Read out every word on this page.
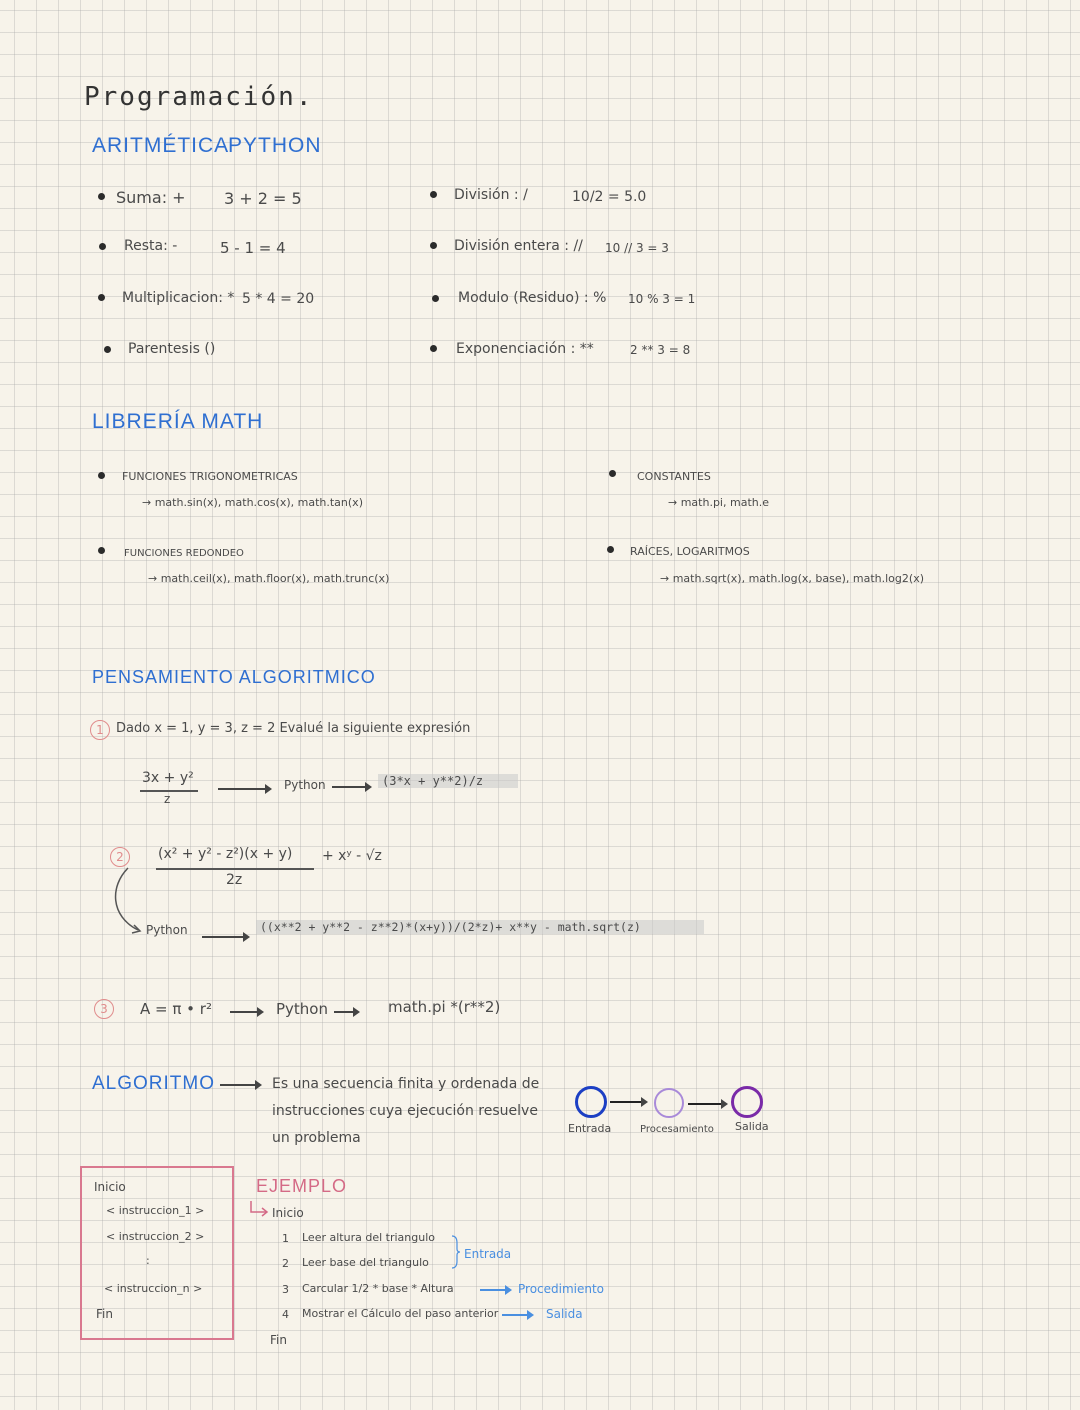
Programación.
ARITMÉTICA
PYTHON
Suma: + 3 + 2 = 5
Resta: -	5 - 1 = 4
Multiplicacion: * 5 * 4 = 20
Parentesis ()
División : /	10/2 = 5.0
División entera : // 10 // 3 = 3
Modulo (Residuo) : % 10 % 3 = 1
Exponenciación : **	2 ** 3 = 8
LIBRERÍA MATH
FUNCIONES TRIGONOMETRICAS
→ math.sin(x), math.cos(x), math.tan(x)
FUNCIONES REDONDEO
→ math.ceil(x), math.floor(x), math.trunc(x)
CONSTANTES
→ math.pi, math.e
RAÍCES, LOGARITMOS
→ math.sqrt(x), math.log(x, base), math.log2(x)
PENSAMIENTO ALGORITMICO
1 Dado x = 1, y = 3, z = 2 Evalué la siguiente expresión
3x + y²
z
Python	(3*x + y**2)/z
2	(x² + y² - z²)(x + y)
2z
+ xʸ - √z
Python	((x**2 + y**2 - z**2)*(x+y))/(2*z)+ x**y - math.sqrt(z)
3	A = π • r²	Python	math.pi *(r**2)
ALGORITMO	Es una secuencia finita y ordenada de
instrucciones cuya ejecución resuelve
un problema
Entrada	Procesamiento Salida
Inicio
< instruccion_1 >
< instruccion_2 >
:
< instruccion_n >
Fin
EJEMPLO
Inicio
1 Leer altura del triangulo
2 Leer base del triangulo
Entrada
3 Carcular 1/2 * base * Altura	Procedimiento
4 Mostrar el Cálculo del paso anterior	Salida
Fin
